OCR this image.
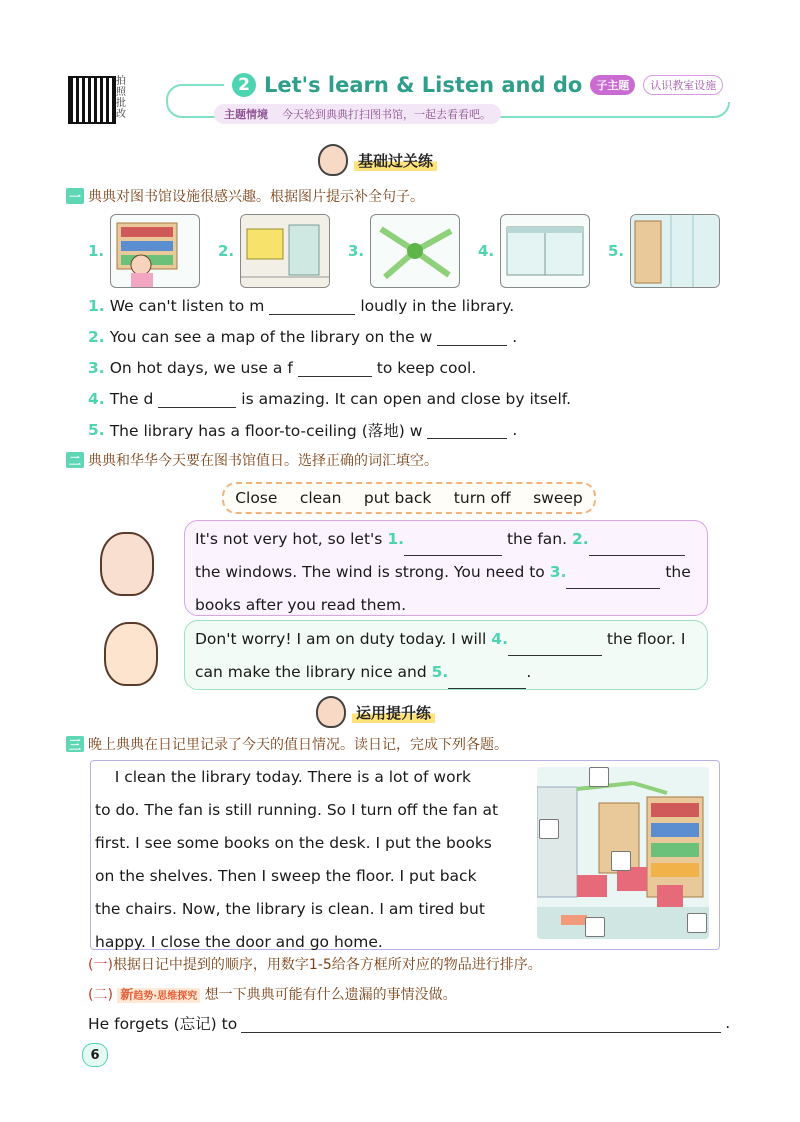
拍照批改
2 Let's learn & Listen and do	子主题	认识教室设施
主题情境 今天轮到典典打扫图书馆，一起去看看吧。
基础过关练
一 典典对图书馆设施很感兴趣。根据图片提示补全句子。
1.	2.	3.	4.	5.
1. We can't listen to m	loudly in the library.
2. You can see a map of the library on the w	.
3. On hot days, we use a f	to keep cool.
4. The d	is amazing. It can open and close by itself.
5. The library has a floor-to-ceiling (落地) w	.
二 典典和华华今天要在图书馆值日。选择正确的词汇填空。
Close clean put back turn off sweep
It's not very hot, so let's 1.	the fan. 2.
the windows. The wind is strong. You need to 3.	the
books after you read them.
Don't worry! I am on duty today. I will 4.	the floor. I
can make the library nice and 5.	.
运用提升练
三 晚上典典在日记里记录了今天的值日情况。读日记，完成下列各题。
I clean the library today. There is a lot of work
to do. The fan is still running. So I turn off the fan at
first. I see some books on the desk. I put the books
on the shelves. Then I sweep the floor. I put back
the chairs. Now, the library is clean. I am tired but
happy. I close the door and go home.
(一)根据日记中提到的顺序，用数字1-5给各方框所对应的物品进行排序。
(二) 新趋势·思维探究 想一下典典可能有什么遗漏的事情没做。
He forgets (忘记) to	.
6
